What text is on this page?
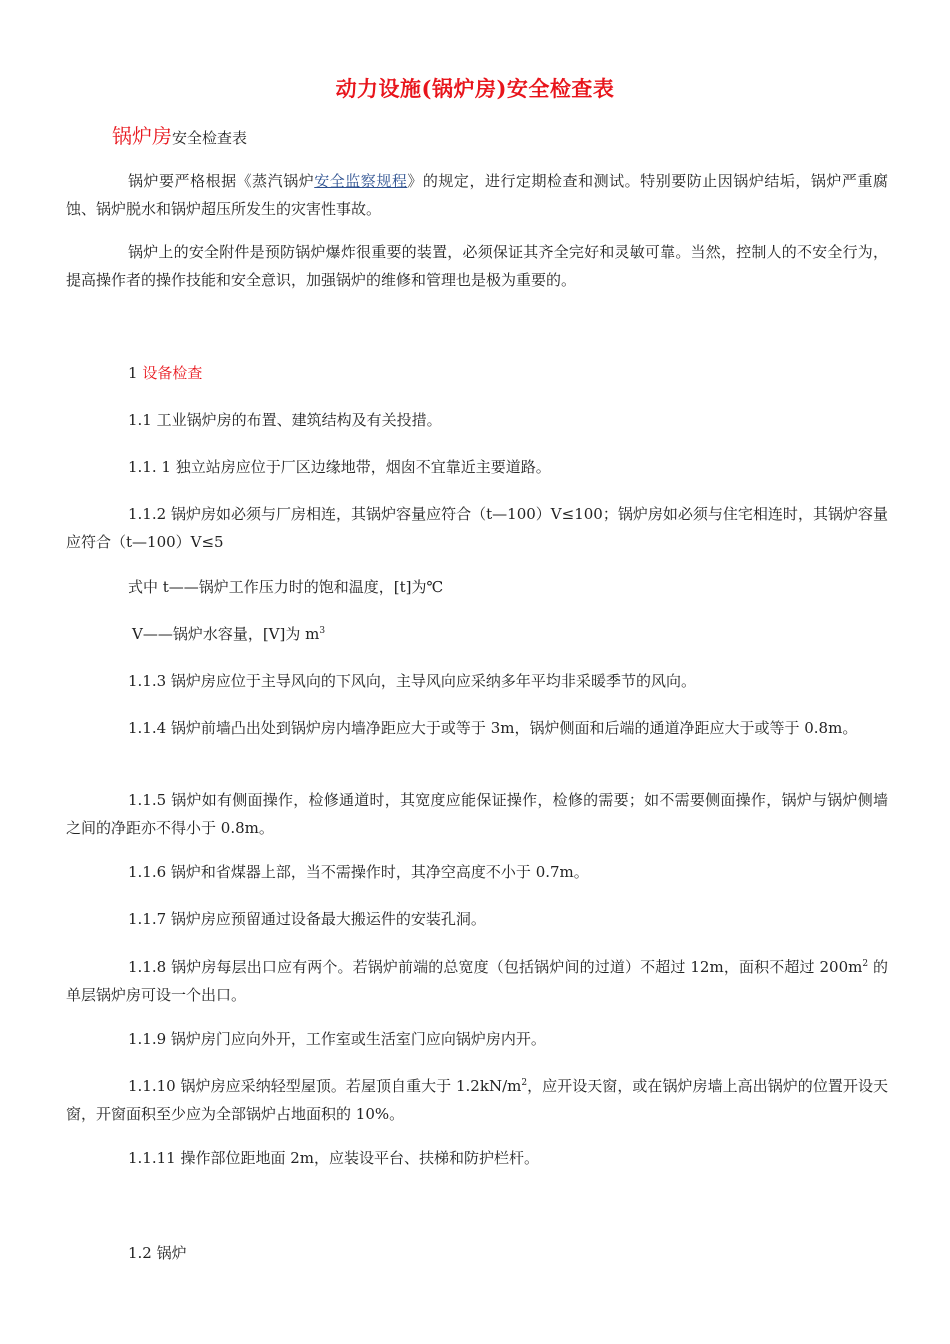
动力设施(锅炉房)安全检查表
锅炉房安全检查表
锅炉要严格根据《蒸汽锅炉安全监察规程》的规定，进行定期检查和测试。特别要防止因锅炉结垢，锅炉严重腐蚀、锅炉脱水和锅炉超压所发生的灾害性事故。
锅炉上的安全附件是预防锅炉爆炸很重要的装置，必须保证其齐全完好和灵敏可靠。当然，控制人的不安全行为，提高操作者的操作技能和安全意识，加强锅炉的维修和管理也是极为重要的。
1 设备检查
1.1 工业锅炉房的布置、建筑结构及有关投措。
1.1. 1 独立站房应位于厂区边缘地带，烟囱不宜靠近主要道路。
1.1.2 锅炉房如必须与厂房相连，其锅炉容量应符合（t—100）V≤100；锅炉房如必须与住宅相连时，其锅炉容量应符合（t—100）V≤5
式中 t——锅炉工作压力时的饱和温度，[t]为℃
V——锅炉水容量，[V]为 $m^3$
1.1.3 锅炉房应位于主导风向的下风向，主导风向应采纳多年平均非采暖季节的风向。
1.1.4 锅炉前墙凸出处到锅炉房内墙净距应大于或等于 3m，锅炉侧面和后端的通道净距应大于或等于 0.8m。
1.1.5 锅炉如有侧面操作，检修通道时，其宽度应能保证操作，检修的需要；如不需要侧面操作，锅炉与锅炉侧墙之间的净距亦不得小于 0.8m。
1.1.6 锅炉和省煤器上部，当不需操作时，其净空高度不小于 0.7m。
1.1.7 锅炉房应预留通过设备最大搬运件的安装孔洞。
1.1.8 锅炉房每层出口应有两个。若锅炉前端的总宽度（包括锅炉间的过道）不超过 12m，面积不超过 $200m^2$ 的单层锅炉房可设一个出口。
1.1.9 锅炉房门应向外开，工作室或生活室门应向锅炉房内开。
1.1.10 锅炉房应采纳轻型屋顶。若屋顶自重大于 $1.2kN/m^2$，应开设天窗，或在锅炉房墙上高出锅炉的位置开设天窗，开窗面积至少应为全部锅炉占地面积的 10%。
1.1.11 操作部位距地面 2m，应装设平台、扶梯和防护栏杆。
1.2 锅炉
